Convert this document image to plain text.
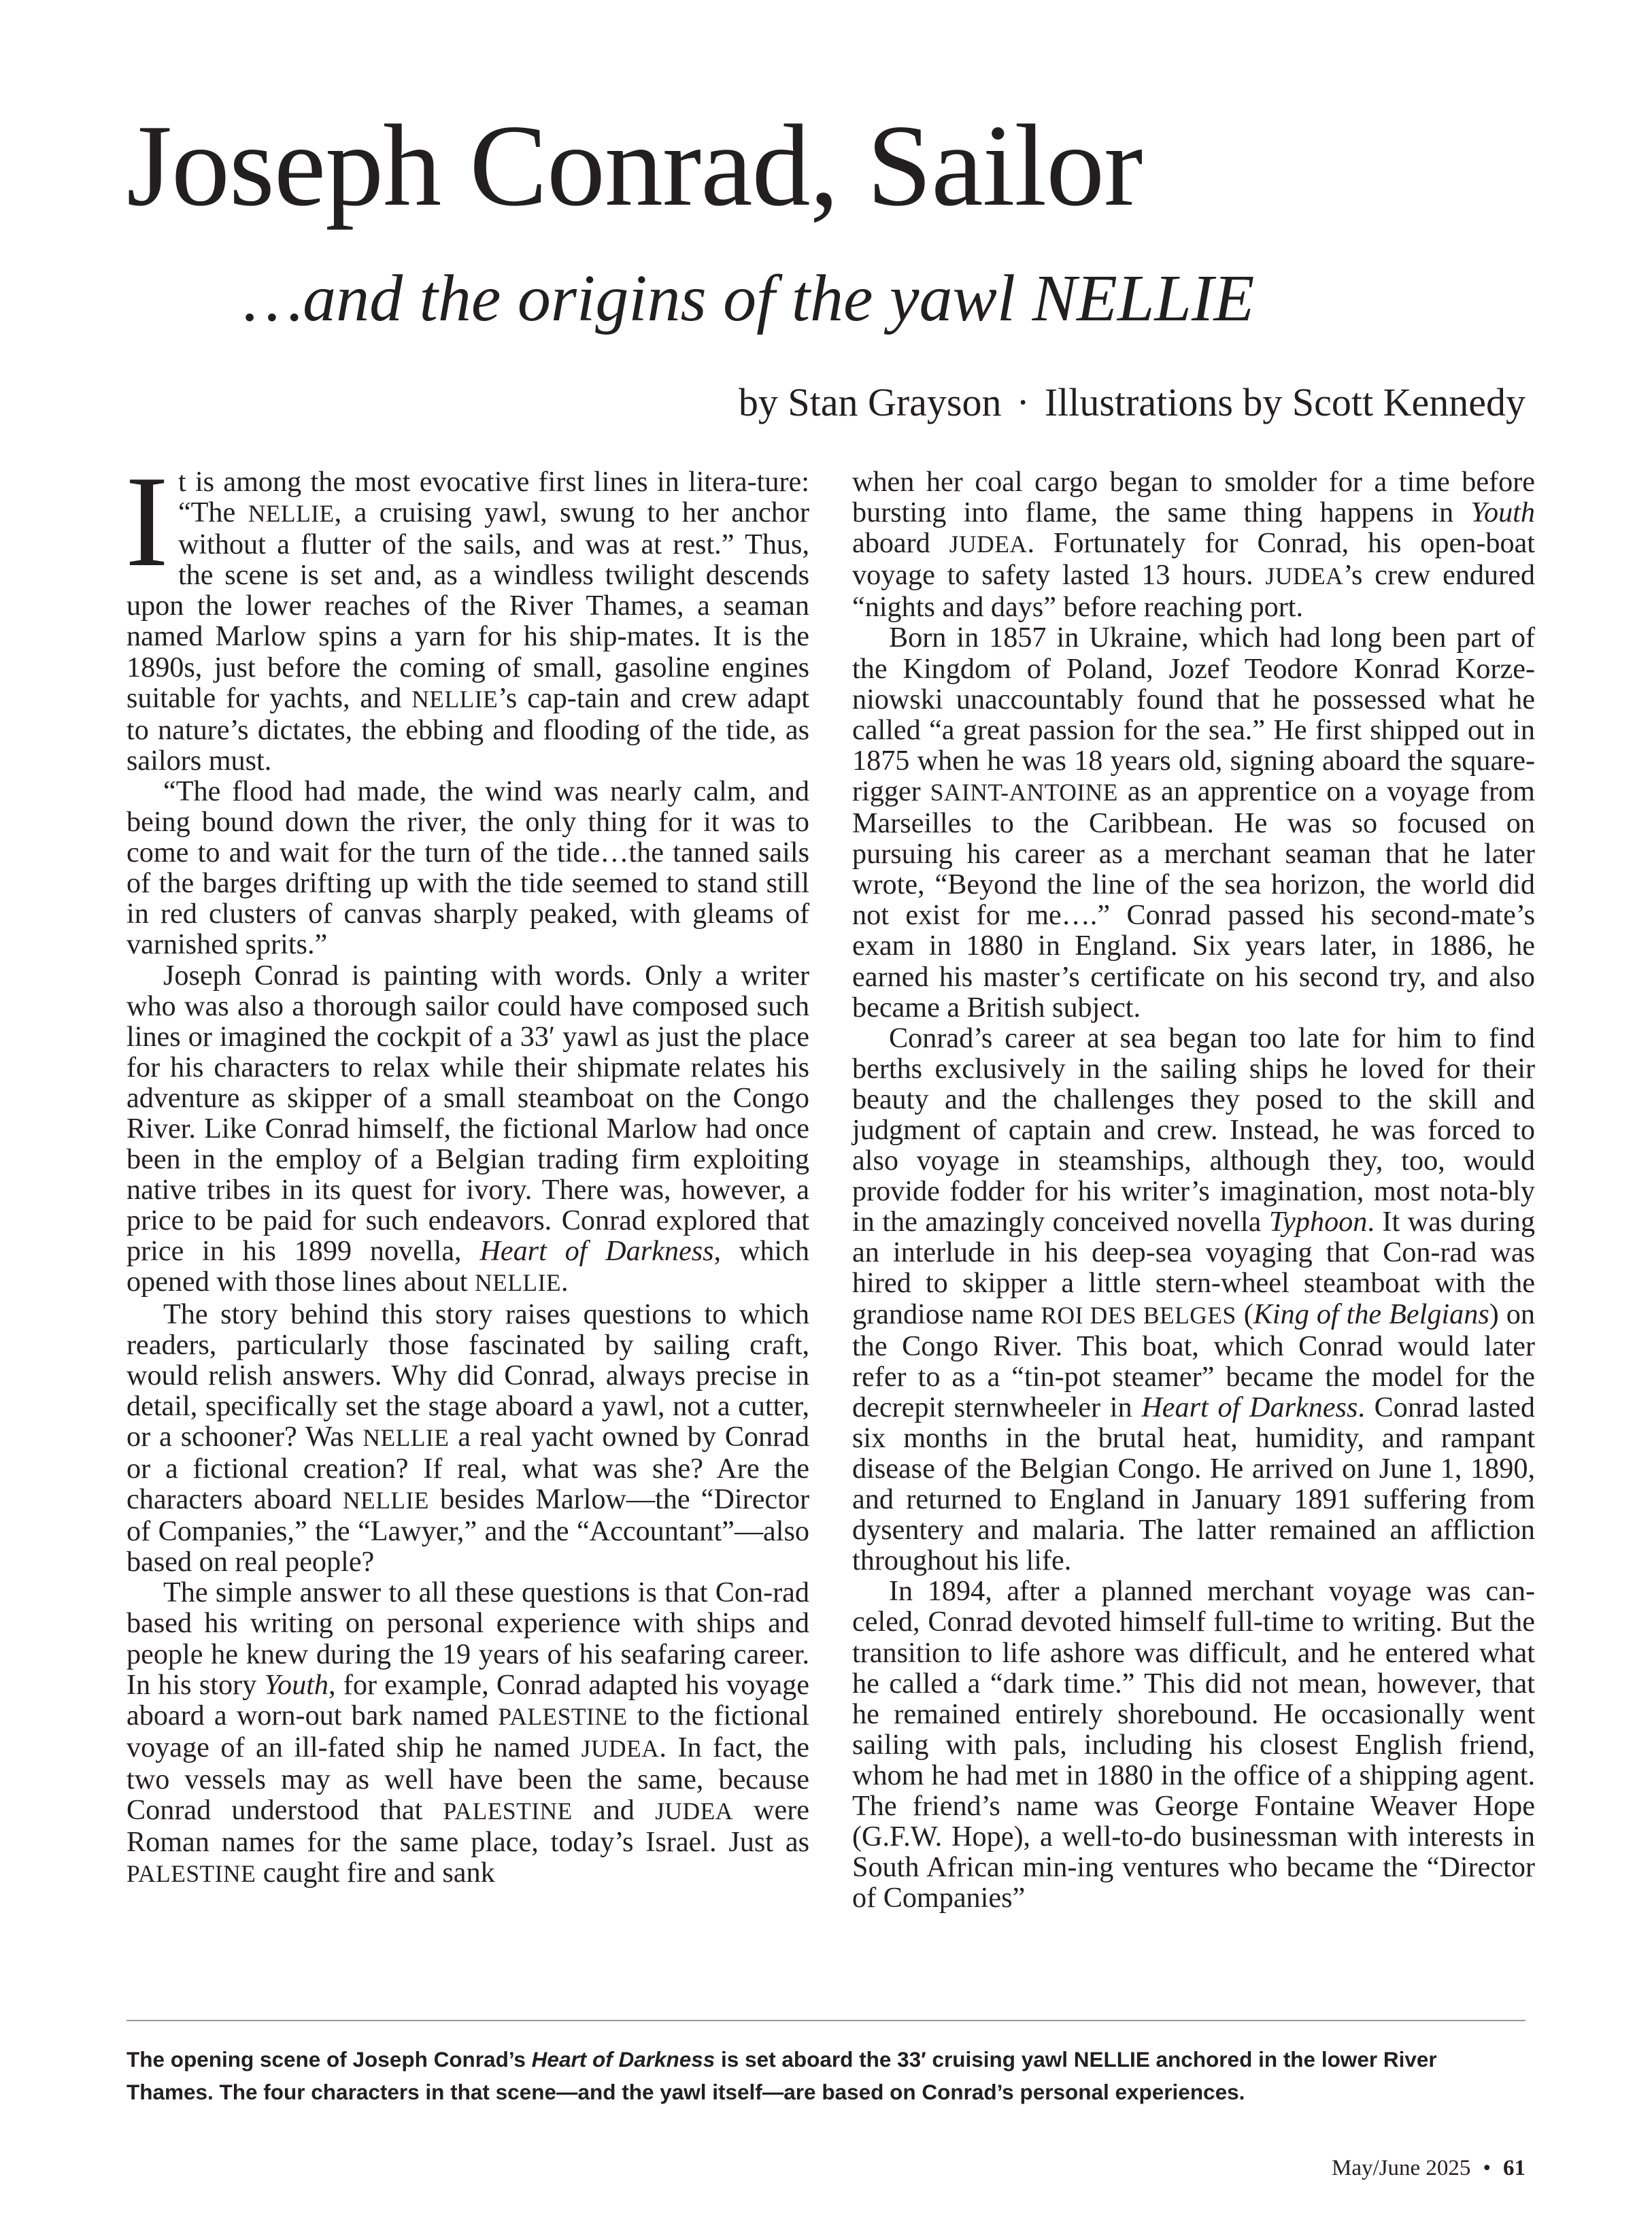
Joseph Conrad, Sailor
…and the origins of the yawl NELLIE

by Stan Grayson · Illustrations by Scott Kennedy

It is among the most evocative first lines in litera-ture: “The NELLIE, a cruising yawl, swung to her anchor without a flutter of the sails, and was at rest.” Thus, the scene is set and, as a windless twilight descends upon the lower reaches of the River Thames, a seaman named Marlow spins a yarn for his ship-mates. It is the 1890s, just before the coming of small, gasoline engines suitable for yachts, and NELLIE’s cap-tain and crew adapt to nature’s dictates, the ebbing and flooding of the tide, as sailors must.

“The flood had made, the wind was nearly calm, and being bound down the river, the only thing for it was to come to and wait for the turn of the tide…the tanned sails of the barges drifting up with the tide seemed to stand still in red clusters of canvas sharply peaked, with gleams of varnished sprits.”

Joseph Conrad is painting with words. Only a writer who was also a thorough sailor could have composed such lines or imagined the cockpit of a 33′ yawl as just the place for his characters to relax while their shipmate relates his adventure as skipper of a small steamboat on the Congo River. Like Conrad himself, the fictional Marlow had once been in the employ of a Belgian trading firm exploiting native tribes in its quest for ivory. There was, however, a price to be paid for such endeavors. Conrad explored that price in his 1899 novella, Heart of Darkness, which opened with those lines about NELLIE.

The story behind this story raises questions to which readers, particularly those fascinated by sailing craft, would relish answers. Why did Conrad, always precise in detail, specifically set the stage aboard a yawl, not a cutter, or a schooner? Was NELLIE a real yacht owned by Conrad or a fictional creation? If real, what was she? Are the characters aboard NELLIE besides Marlow—the “Director of Companies,” the “Lawyer,” and the “Accountant”—also based on real people?

The simple answer to all these questions is that Con-rad based his writing on personal experience with ships and people he knew during the 19 years of his seafaring career. In his story Youth, for example, Conrad adapted his voyage aboard a worn-out bark named PALESTINE to the fictional voyage of an ill-fated ship he named JUDEA. In fact, the two vessels may as well have been the same, because Conrad understood that PALESTINE and JUDEA were Roman names for the same place, today’s Israel. Just as PALESTINE caught fire and sank

when her coal cargo began to smolder for a time before bursting into flame, the same thing happens in Youth aboard JUDEA. Fortunately for Conrad, his open-boat voyage to safety lasted 13 hours. JUDEA’s crew endured “nights and days” before reaching port.

Born in 1857 in Ukraine, which had long been part of the Kingdom of Poland, Jozef Teodore Konrad Korze-niowski unaccountably found that he possessed what he called “a great passion for the sea.” He first shipped out in 1875 when he was 18 years old, signing aboard the square-rigger SAINT-ANTOINE as an apprentice on a voyage from Marseilles to the Caribbean. He was so focused on pursuing his career as a merchant seaman that he later wrote, “Beyond the line of the sea horizon, the world did not exist for me….” Conrad passed his second-mate’s exam in 1880 in England. Six years later, in 1886, he earned his master’s certificate on his second try, and also became a British subject.

Conrad’s career at sea began too late for him to find berths exclusively in the sailing ships he loved for their beauty and the challenges they posed to the skill and judgment of captain and crew. Instead, he was forced to also voyage in steamships, although they, too, would provide fodder for his writer’s imagination, most nota-bly in the amazingly conceived novella Typhoon. It was during an interlude in his deep-sea voyaging that Con-rad was hired to skipper a little stern-wheel steamboat with the grandiose name ROI DES BELGES (King of the Belgians) on the Congo River. This boat, which Conrad would later refer to as a “tin-pot steamer” became the model for the decrepit sternwheeler in Heart of Darkness. Conrad lasted six months in the brutal heat, humidity, and rampant disease of the Belgian Congo. He arrived on June 1, 1890, and returned to England in January 1891 suffering from dysentery and malaria. The latter remained an affliction throughout his life.

In 1894, after a planned merchant voyage was can-celed, Conrad devoted himself full-time to writing. But the transition to life ashore was difficult, and he entered what he called a “dark time.” This did not mean, however, that he remained entirely shorebound. He occasionally went sailing with pals, including his closest English friend, whom he had met in 1880 in the office of a shipping agent. The friend’s name was George Fontaine Weaver Hope (G.F.W. Hope), a well-to-do businessman with interests in South African min-ing ventures who became the “Director of Companies”

The opening scene of Joseph Conrad’s Heart of Darkness is set aboard the 33′ cruising yawl NELLIE anchored in the lower River Thames. The four characters in that scene—and the yawl itself—are based on Conrad’s personal experiences.

May/June 2025 • 61
